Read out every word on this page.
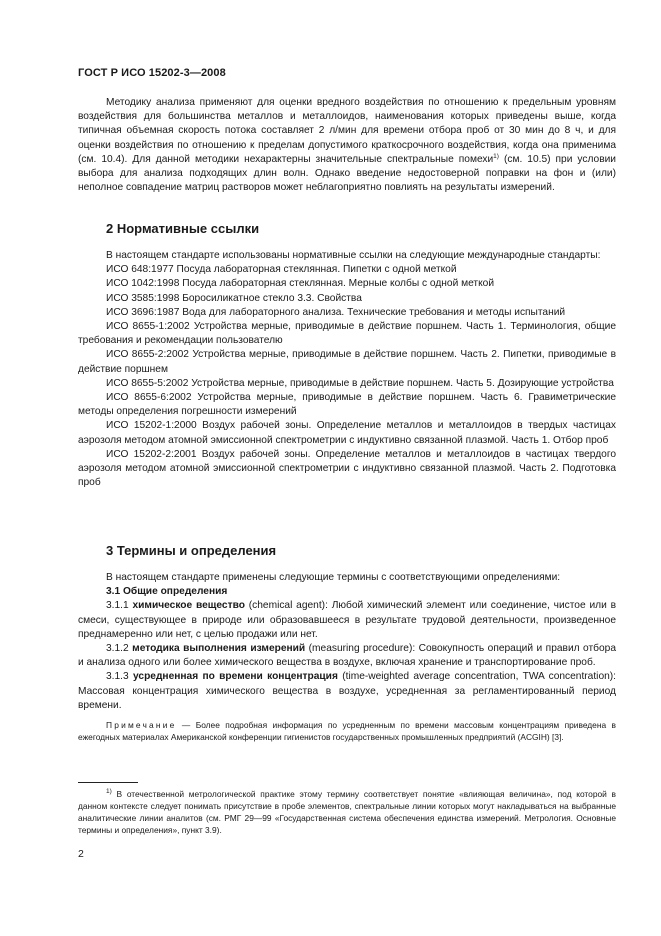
ГОСТ Р ИСО 15202-3—2008

Методику анализа применяют для оценки вредного воздействия по отношению к предельным уровням воздействия для большинства металлов и металлоидов, наименования которых приведены выше, когда типичная объемная скорость потока составляет 2 л/мин для времени отбора проб от 30 мин до 8 ч, и для оценки воздействия по отношению к пределам допустимого краткосрочного воздействия, когда она применима (см. 10.4). Для данной методики нехарактерны значительные спектральные помехи$^{1)}$ (см. 10.5) при условии выбора для анализа подходящих длин волн. Однако введение недостоверной поправки на фон и (или) неполное совпадение матриц растворов может неблагоприятно повлиять на результаты измерений.

2 Нормативные ссылки

В настоящем стандарте использованы нормативные ссылки на следующие международные стандарты:

ИСО 648:1977 Посуда лабораторная стеклянная. Пипетки с одной меткой

ИСО 1042:1998 Посуда лабораторная стеклянная. Мерные колбы с одной меткой

ИСО 3585:1998 Боросиликатное стекло 3.3. Свойства

ИСО 3696:1987 Вода для лабораторного анализа. Технические требования и методы испытаний

ИСО 8655-1:2002 Устройства мерные, приводимые в действие поршнем. Часть 1. Терминология, общие требования и рекомендации пользователю

ИСО 8655-2:2002 Устройства мерные, приводимые в действие поршнем. Часть 2. Пипетки, приводимые в действие поршнем

ИСО 8655-5:2002 Устройства мерные, приводимые в действие поршнем. Часть 5. Дозирующие устройства

ИСО 8655-6:2002 Устройства мерные, приводимые в действие поршнем. Часть 6. Гравиметрические методы определения погрешности измерений

ИСО 15202-1:2000 Воздух рабочей зоны. Определение металлов и металлоидов в твердых частицах аэрозоля методом атомной эмиссионной спектрометрии с индуктивно связанной плазмой. Часть 1. Отбор проб

ИСО 15202-2:2001 Воздух рабочей зоны. Определение металлов и металлоидов в частицах твердого аэрозоля методом атомной эмиссионной спектрометрии с индуктивно связанной плазмой. Часть 2. Подготовка проб

3 Термины и определения

В настоящем стандарте применены следующие термины с соответствующими определениями:

3.1 Общие определения

3.1.1 химическое вещество (chemical agent): Любой химический элемент или соединение, чистое или в смеси, существующее в природе или образовавшееся в результате трудовой деятельности, произведенное преднамеренно или нет, с целью продажи или нет.

3.1.2 методика выполнения измерений (measuring procedure): Совокупность операций и правил отбора и анализа одного или более химического вещества в воздухе, включая хранение и транспортирование проб.

3.1.3 усредненная по времени концентрация (time-weighted average concentration, TWA concentration): Массовая концентрация химического вещества в воздухе, усредненная за регламентированный период времени.

Примечание — Более подробная информация по усредненным по времени массовым концентрациям приведена в ежегодных материалах Американской конференции гигиенистов государственных промышленных предприятий (ACGIH) [3].

$^{1)}$ В отечественной метрологической практике этому термину соответствует понятие «влияющая величина», под которой в данном контексте следует понимать присутствие в пробе элементов, спектральные линии которых могут накладываться на выбранные аналитические линии аналитов (см. РМГ 29—99 «Государственная система обеспечения единства измерений. Метрология. Основные термины и определения», пункт 3.9).

2
